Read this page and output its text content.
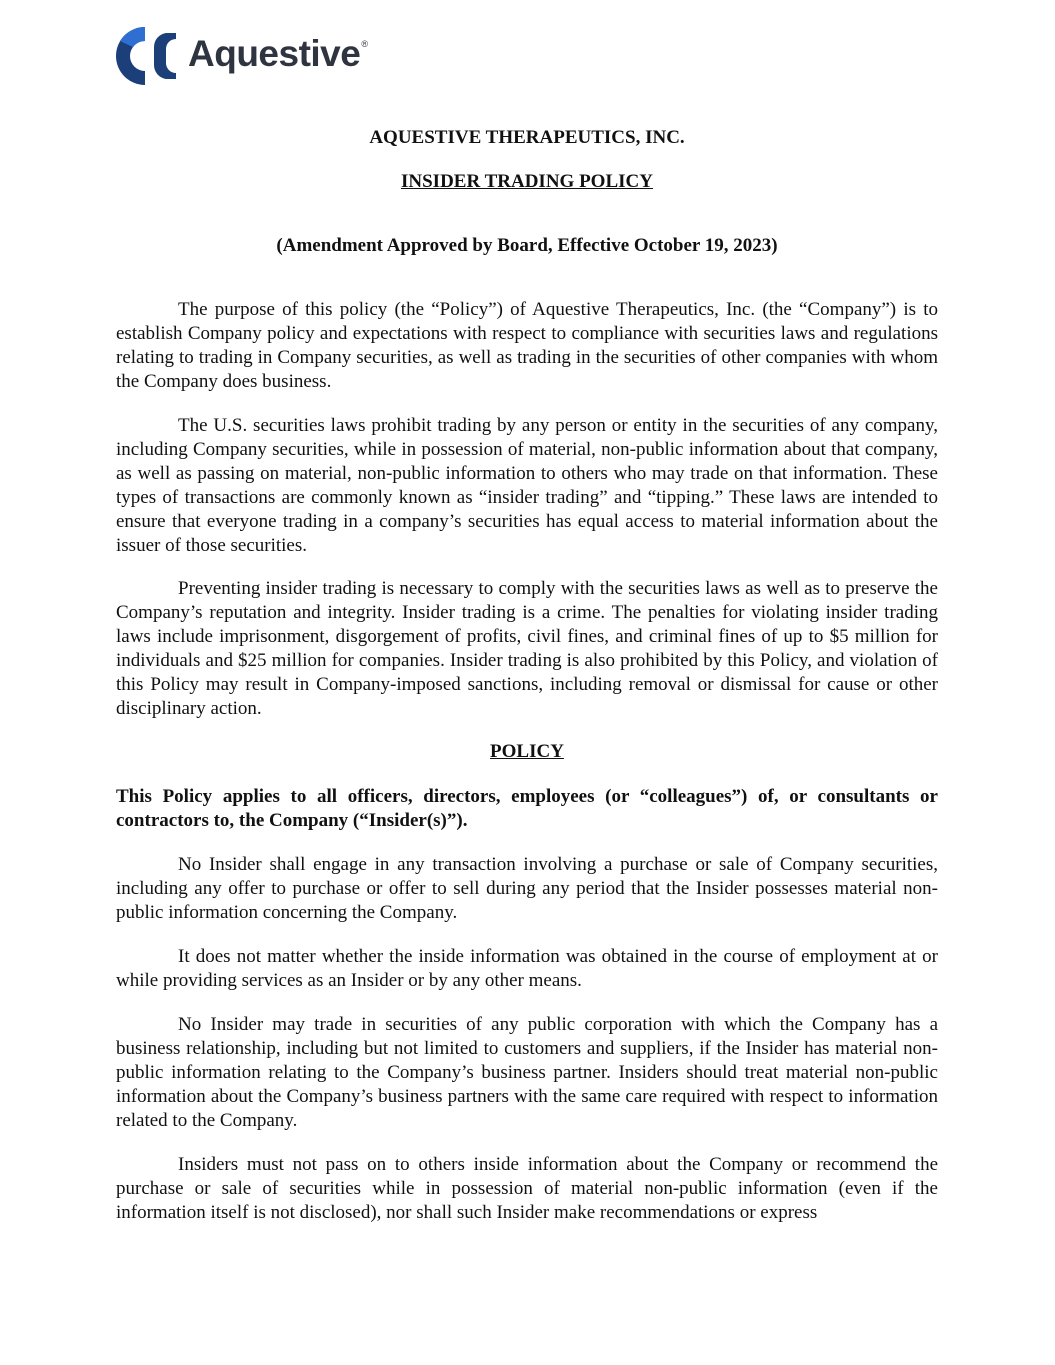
Aquestive®
AQUESTIVE THERAPEUTICS, INC.
INSIDER TRADING POLICY
(Amendment Approved by Board, Effective October 19, 2023)

The purpose of this policy (the “Policy”) of Aquestive Therapeutics, Inc. (the “Company”) is to establish Company policy and expectations with respect to compliance with securities laws and regulations relating to trading in Company securities, as well as trading in the securities of other companies with whom the Company does business.

The U.S. securities laws prohibit trading by any person or entity in the securities of any company, including Company securities, while in possession of material, non-public information about that company, as well as passing on material, non-public information to others who may trade on that information. These types of transactions are commonly known as “insider trading” and “tipping.” These laws are intended to ensure that everyone trading in a company’s securities has equal access to material information about the issuer of those securities.

Preventing insider trading is necessary to comply with the securities laws as well as to preserve the Company’s reputation and integrity. Insider trading is a crime. The penalties for violating insider trading laws include imprisonment, disgorgement of profits, civil fines, and criminal fines of up to $5 million for individuals and $25 million for companies. Insider trading is also prohibited by this Policy, and violation of this Policy may result in Company-imposed sanctions, including removal or dismissal for cause or other disciplinary action.

POLICY

This Policy applies to all officers, directors, employees (or “colleagues”) of, or consultants or contractors to, the Company (“Insider(s)”).

No Insider shall engage in any transaction involving a purchase or sale of Company securities, including any offer to purchase or offer to sell during any period that the Insider possesses material non-public information concerning the Company.

It does not matter whether the inside information was obtained in the course of employment at or while providing services as an Insider or by any other means.

No Insider may trade in securities of any public corporation with which the Company has a business relationship, including but not limited to customers and suppliers, if the Insider has material non-public information relating to the Company’s business partner. Insiders should treat material non-public information about the Company’s business partners with the same care required with respect to information related to the Company.

Insiders must not pass on to others inside information about the Company or recommend the purchase or sale of securities while in possession of material non-public information (even if the information itself is not disclosed), nor shall such Insider make recommendations or express
